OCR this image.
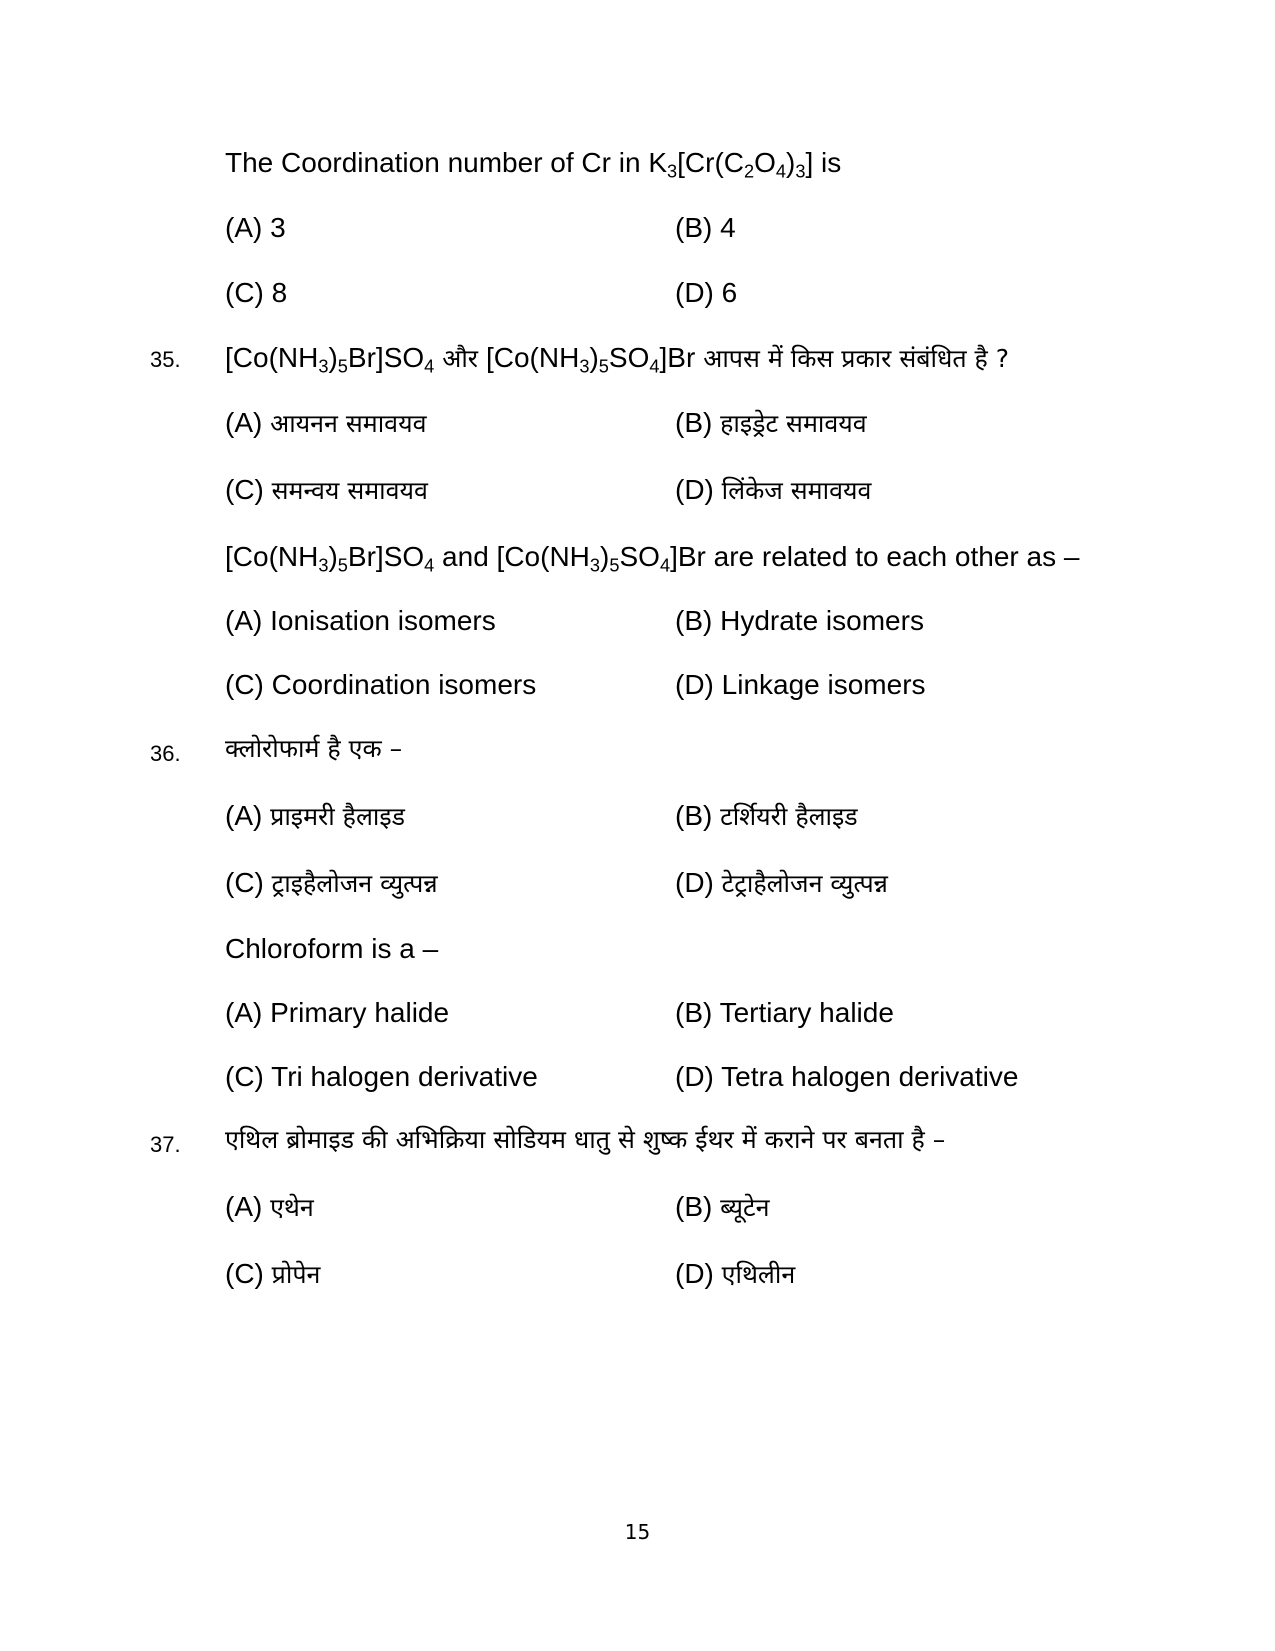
The Coordination number of Cr in $K_3[Cr(C_2O_4)_3]$ is
(A) 3	(B) 4
(C) 8	(D) 6
35. $[Co(NH_3)_5Br]SO_4$ और $[Co(NH_3)_5SO_4]Br$ आपस में किस प्रकार संबंधित है ?
(A) आयनन समावयव	(B) हाइड्रेट समावयव
(C) समन्वय समावयव	(D) लिंकेज समावयव
$[Co(NH_3)_5Br]SO_4$ and $[Co(NH_3)_5SO_4]Br$ are related to each other as –
(A) Ionisation isomers	(B) Hydrate isomers
(C) Coordination isomers	(D) Linkage isomers
36. क्लोरोफार्म है एक –
(A) प्राइमरी हैलाइड	(B) टर्शियरी हैलाइड
(C) ट्राइहैलोजन व्युत्पन्न	(D) टेट्राहैलोजन व्युत्पन्न
Chloroform is a –
(A) Primary halide	(B) Tertiary halide
(C) Tri halogen derivative	(D) Tetra halogen derivative
37. एथिल ब्रोमाइड की अभिक्रिया सोडियम धातु से शुष्क ईथर में कराने पर बनता है –
(A) एथेन	(B) ब्यूटेन
(C) प्रोपेन	(D) एथिलीन
15
